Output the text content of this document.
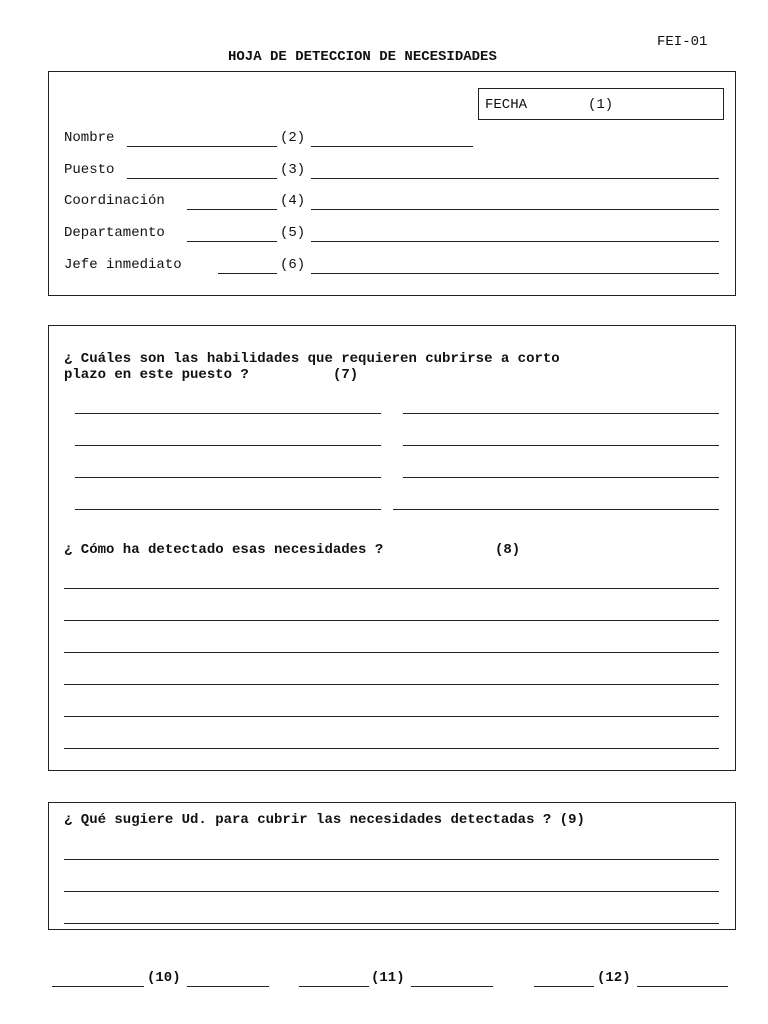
FEI-01
HOJA DE DETECCION DE NECESIDADES
FECHA	(1)
Nombre	(2)
Puesto	(3)
Coordinación	(4)
Departamento	(5)
Jefe inmediato	(6)
¿ Cuáles son las habilidades que requieren cubrirse a corto
plazo en este puesto ?	(7)
¿ Cómo ha detectado esas necesidades ?	(8)
¿ Qué sugiere Ud. para cubrir las necesidades detectadas ? (9)
(10)	(11)	(12)
